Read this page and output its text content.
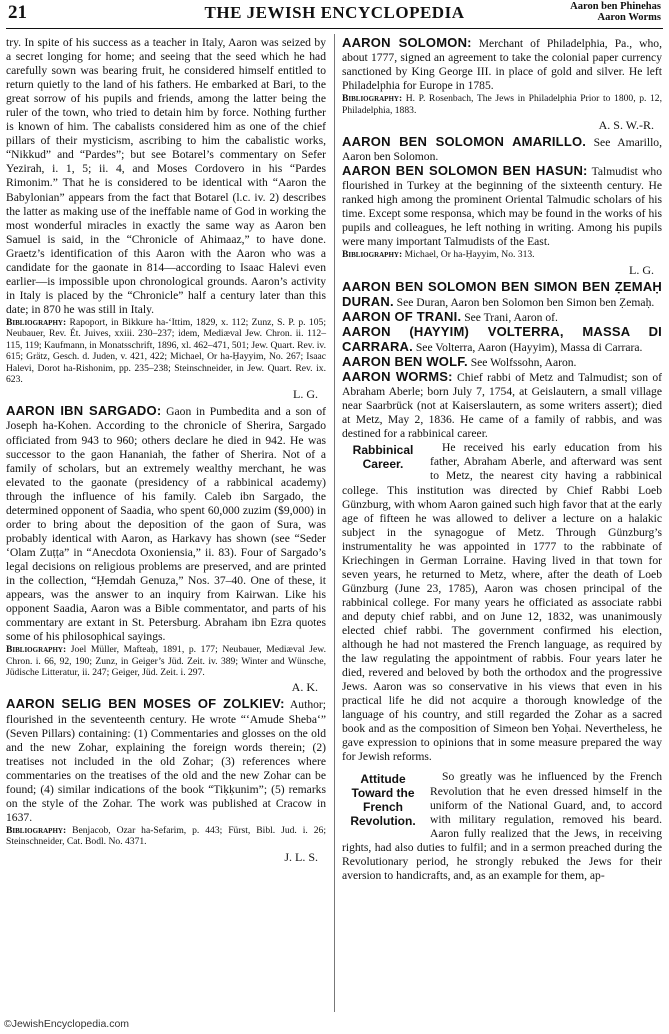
21	THE JEWISH ENCYCLOPEDIA	Aaron ben Phinehas
Aaron Worms

try. In spite of his success as a teacher in Italy, Aaron was seized by a secret longing for home; and seeing that the seed which he had carefully sown was bearing fruit, he considered himself entitled to return quietly to the land of his fathers. He embarked at Bari, to the great sorrow of his pupils and friends, among the latter being the ruler of the town, who tried to detain him by force. Nothing further is known of him. The cabalists considered him as one of the chief pillars of their mysticism, ascribing to him the cabalistic works, “Nikkud” and “Pardes”; but see Botarel’s commentary on Sefer Yezirah, i. 1, 5; ii. 4, and Moses Cordovero in his “Pardes Rimonim.” That he is considered to be identical with “Aaron the Babylonian” appears from the fact that Botarel (l.c. iv. 2) describes the latter as making use of the ineffable name of God in working the most wonderful miracles in exactly the same way as Aaron ben Samuel is said, in the “Chronicle of Ahimaaz,” to have done. Graetz’s identification of this Aaron with the Aaron who was a candidate for the gaonate in 814—according to Isaac Halevi even earlier—is impossible upon chronological grounds. Aaron’s activity in Italy is placed by the “Chronicle” half a century later than this date; in 870 he was still in Italy.

Bibliography: Rapoport, in Bikkure ha-‘Ittim, 1829, x. 112; Zunz, S. P. p. 105; Neubauer, Rev. Ét. Juives, xxiii. 230–237; idem, Mediæval Jew. Chron. ii. 112–115, 119; Kaufmann, in Monatsschrift, 1896, xl. 462–471, 501; Jew. Quart. Rev. iv. 615; Grätz, Gesch. d. Juden, v. 421, 422; Michael, Or ha-Ḥayyim, No. 267; Isaac Halevi, Dorot ha-Rishonim, pp. 235–238; Steinschneider, in Jew. Quart. Rev. ix. 623.

L. G.

AARON IBN SARGADO: Gaon in Pumbedita and a son of Joseph ha-Kohen. According to the chronicle of Sherira, Sargado officiated from 943 to 960; others declare he died in 942. He was successor to the gaon Hananiah, the father of Sherira. Not of a family of scholars, but an extremely wealthy merchant, he was elevated to the gaonate (presidency of a rabbinical academy) through the influence of his family. Caleb ibn Sargado, the determined opponent of Saadia, who spent 60,000 zuzim ($9,000) in order to bring about the deposition of the gaon of Sura, was probably identical with Aaron, as Harkavy has shown (see “Seder ‘Olam Zuṭṭa” in “Anecdota Oxoniensia,” ii. 83). Four of Sargado’s legal decisions on religious problems are preserved, and are printed in the collection, “Ḥemdah Genuza,” Nos. 37–40. One of these, it appears, was the answer to an inquiry from Kairwan. Like his opponent Saadia, Aaron was a Bible commentator, and parts of his commentary are extant in St. Petersburg. Abraham ibn Ezra quotes some of his philosophical sayings.

Bibliography: Joel Müller, Mafteaḥ, 1891, p. 177; Neubauer, Mediæval Jew. Chron. i. 66, 92, 190; Zunz, in Geiger’s Jüd. Zeit. iv. 389; Winter and Wünsche, Jüdische Litteratur, ii. 247; Geiger, Jüd. Zeit. i. 297.

A. K.

AARON SELIG BEN MOSES OF ZOLKIEV: Author; flourished in the seventeenth century. He wrote “‘Amude Sheba‘” (Seven Pillars) containing: (1) Commentaries and glosses on the old and the new Zohar, explaining the foreign words therein; (2) treatises not included in the old Zohar; (3) references where commentaries on the treatises of the old and the new Zohar can be found; (4) similar indications of the book “Tiḳḳunim”; (5) remarks on the style of the Zohar. The work was published at Cracow in 1637.

Bibliography: Benjacob, Ozar ha-Sefarim, p. 443; Fürst, Bibl. Jud. i. 26; Steinschneider, Cat. Bodl. No. 4371.

J. L. S.

AARON SOLOMON: Merchant of Philadelphia, Pa., who, about 1777, signed an agreement to take the colonial paper currency sanctioned by King George III. in place of gold and silver. He left Philadelphia for Europe in 1785.

Bibliography: H. P. Rosenbach, The Jews in Philadelphia Prior to 1800, p. 12, Philadelphia, 1883.

A. S. W.-R.

AARON BEN SOLOMON AMARILLO. See Amarillo, Aaron ben Solomon.

AARON BEN SOLOMON BEN HASUN: Talmudist who flourished in Turkey at the beginning of the sixteenth century. He ranked high among the prominent Oriental Talmudic scholars of his time. Except some responsa, which may be found in the works of his pupils and colleagues, he left nothing in writing. Among his pupils were many important Talmudists of the East.

Bibliography: Michael, Or ha-Ḥayyim, No. 313.

L. G.

AARON BEN SOLOMON BEN SIMON BEN ẒEMAḤ DURAN. See Duran, Aaron ben Solomon ben Simon ben Ẓemaḥ.

AARON OF TRANI. See Trani, Aaron of.

AARON (HAYYIM) VOLTERRA, MASSA DI CARRARA. See Volterra, Aaron (Hayyim), Massa di Carrara.

AARON BEN WOLF. See Wolfssohn, Aaron.

AARON WORMS: Chief rabbi of Metz and Talmudist; son of Abraham Aberle; born July 7, 1754, at Geislautern, a small village near Saarbrück (not at Kaiserslautern, as some writers assert); died at Metz, May 2, 1836. He came of a family of rabbis, and was destined for a rabbinical career.

Rabbinical Career.

He received his early education from his father, Abraham Aberle, and afterward was sent to Metz, the nearest city having a rabbinical college. This institution was directed by Chief Rabbi Loeb Günzburg, with whom Aaron gained such high favor that at the early age of fifteen he was allowed to deliver a lecture on a halakic subject in the synagogue of Metz. Through Günzburg’s instrumentality he was appointed in 1777 to the rabbinate of Kriechingen in German Lorraine. Having lived in that town for seven years, he returned to Metz, where, after the death of Loeb Günzburg (June 23, 1785), Aaron was chosen principal of the rabbinical college. For many years he officiated as associate rabbi and deputy chief rabbi, and on June 12, 1832, was unanimously elected chief rabbi. The government confirmed his election, although he had not mastered the French language, as required by the law regulating the appointment of rabbis. Four years later he died, revered and beloved by both the orthodox and the progressive Jews. Aaron was so conservative in his views that even in his practical life he did not acquire a thorough knowledge of the language of his country, and still regarded the Zohar as a sacred book and as the composition of Simeon ben Yoḥai. Nevertheless, he gave expression to opinions that in some measure prepared the way for Jewish reforms.

Attitude Toward the French Revolution.

So greatly was he influenced by the French Revolution that he even dressed himself in the uniform of the National Guard, and, to accord with military regulation, removed his beard. Aaron fully realized that the Jews, in receiving rights, had also duties to fulfil; and in a sermon preached during the Revolutionary period, he strongly rebuked the Jews for their aversion to handicrafts, and, as an example for them, ap-

©JewishEncyclopedia.com
